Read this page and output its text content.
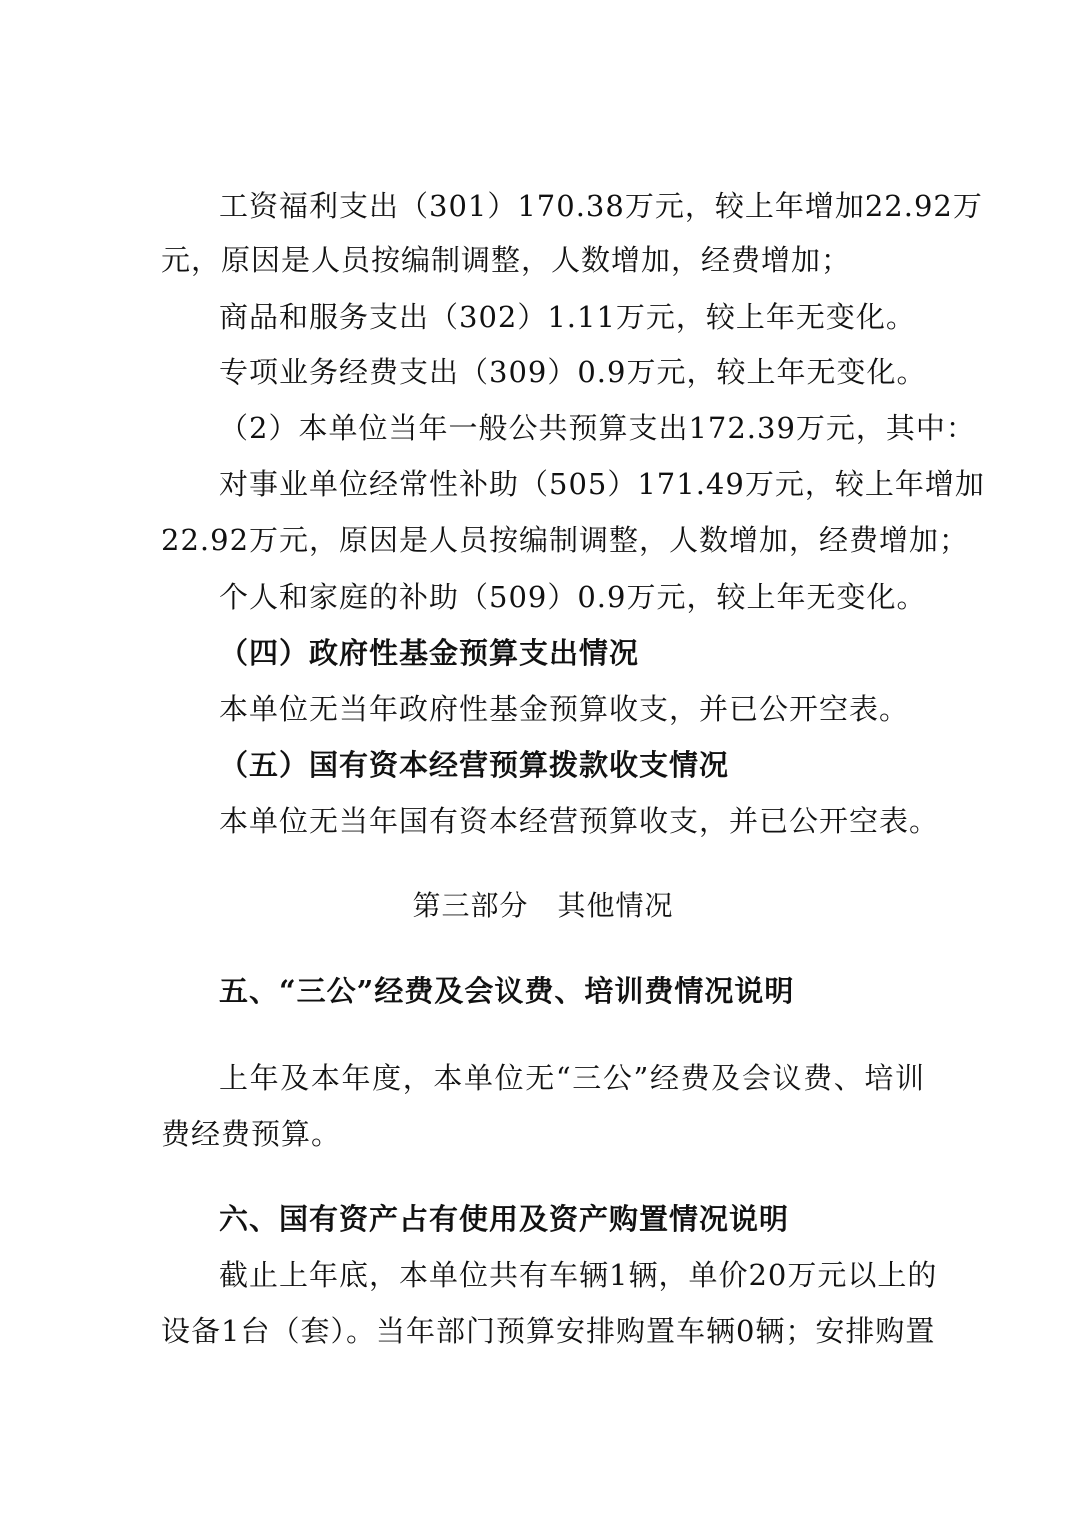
工资福利支出（301）170.38万元，较上年增加22.92万
元，原因是人员按编制调整，人数增加，经费增加；
商品和服务支出（302）1.11万元，较上年无变化。
专项业务经费支出（309）0.9万元，较上年无变化。
（2）本单位当年一般公共预算支出172.39万元，其中：
对事业单位经常性补助（505）171.49万元，较上年增加
22.92万元，原因是人员按编制调整，人数增加，经费增加；
个人和家庭的补助（509）0.9万元，较上年无变化。
（四）政府性基金预算支出情况
本单位无当年政府性基金预算收支，并已公开空表。
（五）国有资本经营预算拨款收支情况
本单位无当年国有资本经营预算收支，并已公开空表。
第三部分　其他情况
五、“三公”经费及会议费、培训费情况说明
上年及本年度，本单位无“三公”经费及会议费、培训
费经费预算。
六、国有资产占有使用及资产购置情况说明
截止上年底，本单位共有车辆1辆，单价20万元以上的
设备1台（套）。当年部门预算安排购置车辆0辆；安排购置
